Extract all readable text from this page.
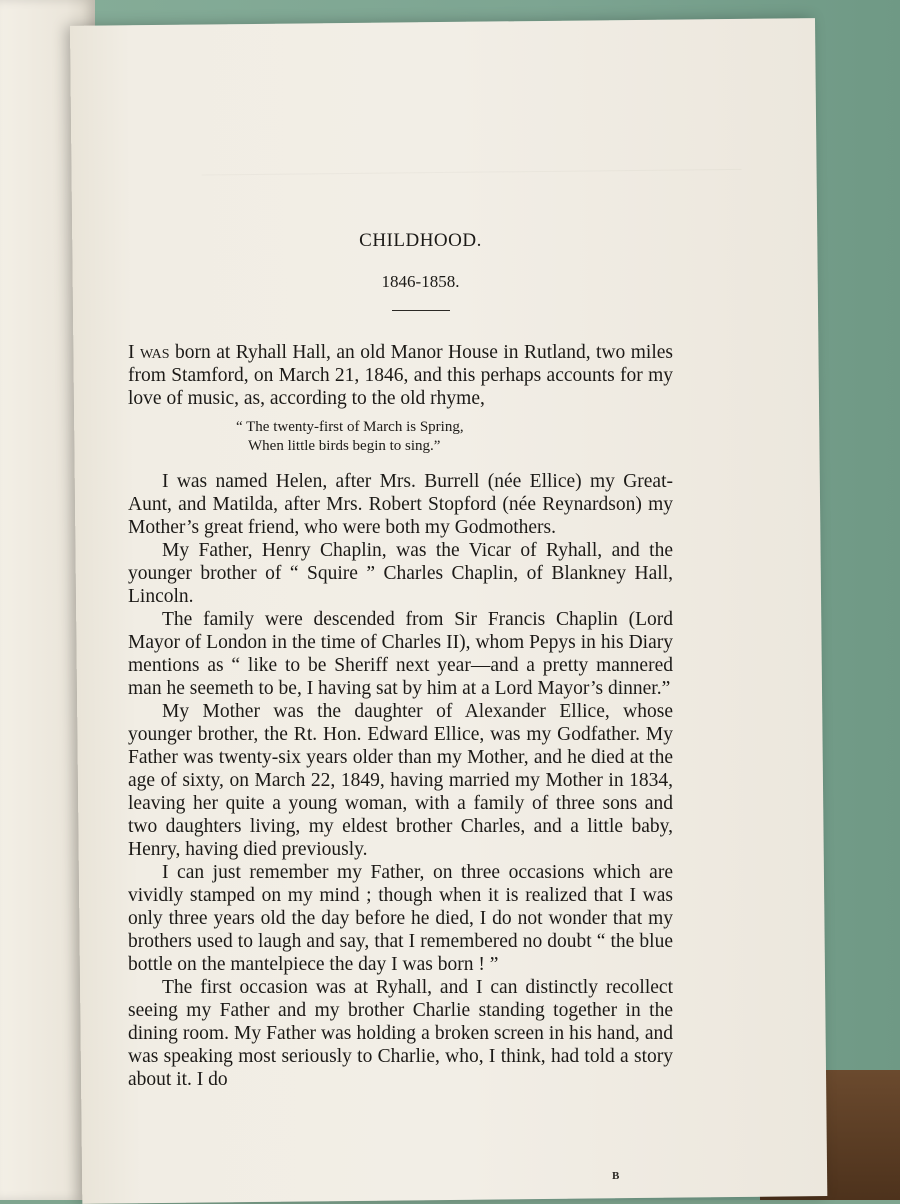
CHILDHOOD.
1846-1858.

I was born at Ryhall Hall, an old Manor House in Rutland, two miles from Stamford, on March 21, 1846, and this perhaps accounts for my love of music, as, according to the old rhyme,

“ The twenty-first of March is Spring,
When little birds begin to sing.”

I was named Helen, after Mrs. Burrell (née Ellice) my Great-Aunt, and Matilda, after Mrs. Robert Stopford (née Reynardson) my Mother’s great friend, who were both my Godmothers.

My Father, Henry Chaplin, was the Vicar of Ryhall, and the younger brother of “ Squire ” Charles Chaplin, of Blankney Hall, Lincoln.

The family were descended from Sir Francis Chaplin (Lord Mayor of London in the time of Charles II), whom Pepys in his Diary mentions as “ like to be Sheriff next year—and a pretty mannered man he seemeth to be, I having sat by him at a Lord Mayor’s dinner.”

My Mother was the daughter of Alexander Ellice, whose younger brother, the Rt. Hon. Edward Ellice, was my Godfather. My Father was twenty-six years older than my Mother, and he died at the age of sixty, on March 22, 1849, having married my Mother in 1834, leaving her quite a young woman, with a family of three sons and two daughters living, my eldest brother Charles, and a little baby, Henry, having died previously.

I can just remember my Father, on three occasions which are vividly stamped on my mind ; though when it is realized that I was only three years old the day before he died, I do not wonder that my brothers used to laugh and say, that I remembered no doubt “ the blue bottle on the mantelpiece the day I was born ! ”

The first occasion was at Ryhall, and I can distinctly recollect seeing my Father and my brother Charlie standing together in the dining room. My Father was holding a broken screen in his hand, and was speaking most seriously to Charlie, who, I think, had told a story about it. I do

B
